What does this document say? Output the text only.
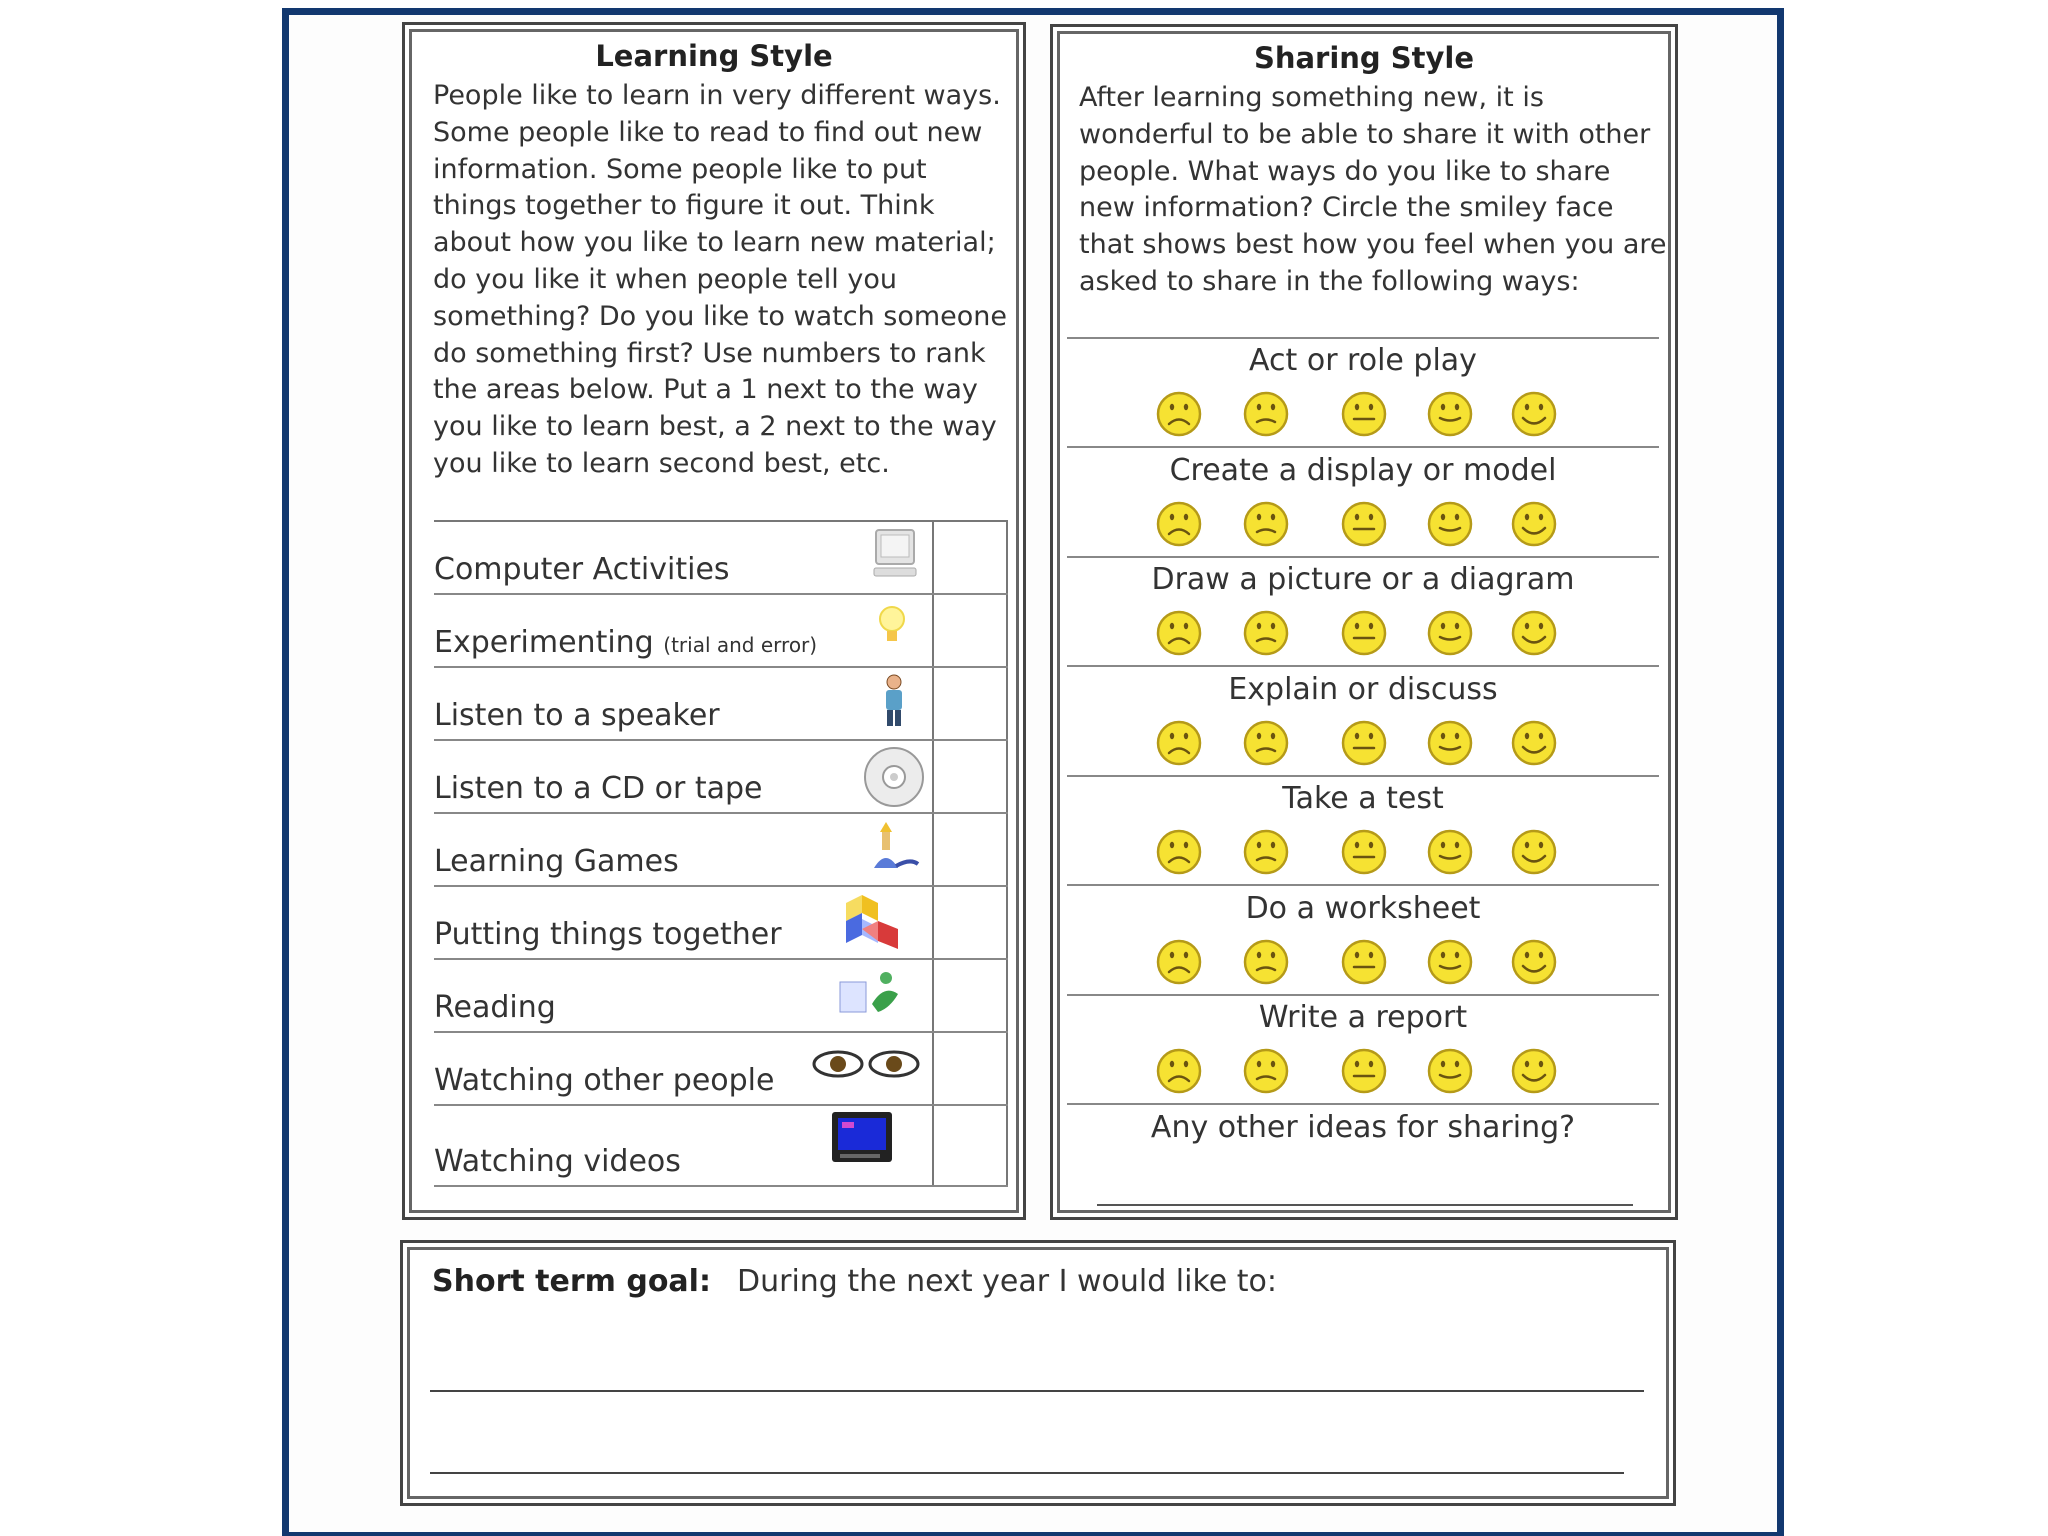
Learning Style
People like to learn in very different ways. Some people like to read to find out new information. Some people like to put things together to figure it out. Think about how you like to learn new material; do you like it when people tell you something? Do you like to watch someone do something first? Use numbers to rank the areas below. Put a 1 next to the way you like to learn best, a 2 next to the way you like to learn second best, etc.
Computer Activities
Experimenting (trial and error)
Listen to a speaker
Listen to a CD or tape
Learning Games
Putting things together
Reading
Watching other people
Watching videos
Sharing Style
After learning something new, it is wonderful to be able to share it with other people. What ways do you like to share new information? Circle the smiley face that shows best how you feel when you are asked to share in the following ways:
Act or role play
Create a display or model
Draw a picture or a diagram
Explain or discuss
Take a test
Do a worksheet
Write a report
Any other ideas for sharing?
Short term goal: During the next year I would like to:
